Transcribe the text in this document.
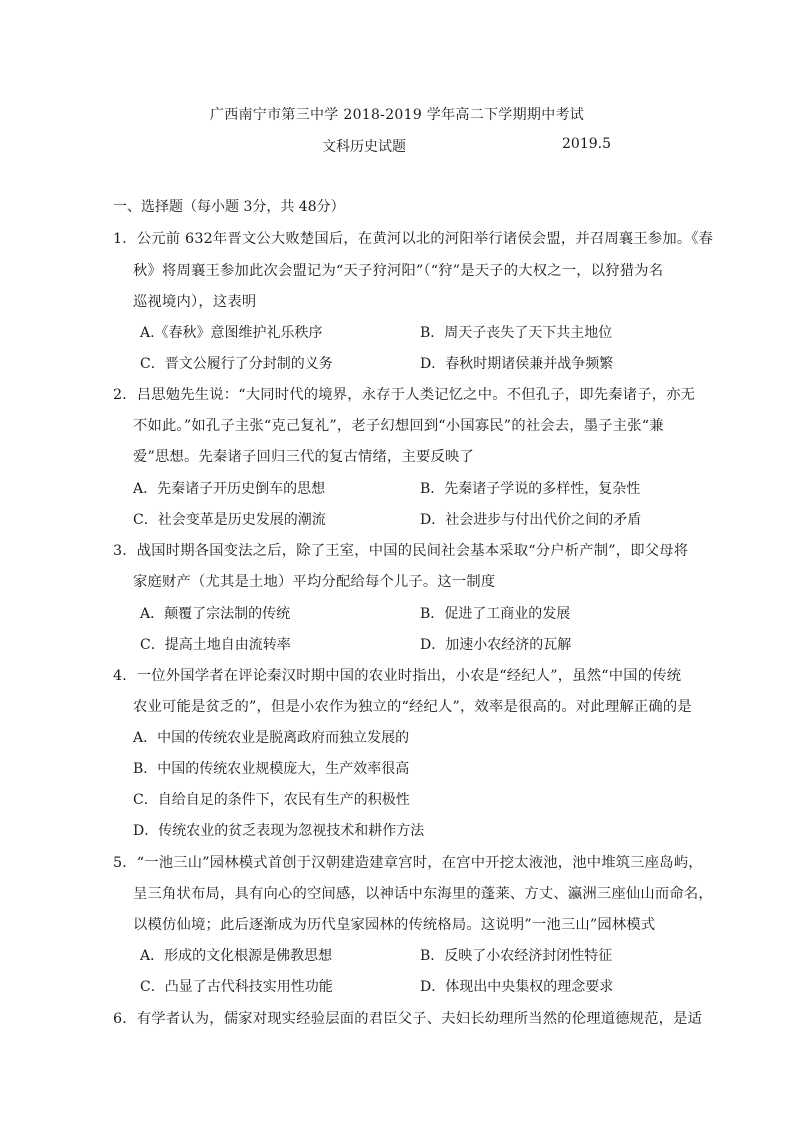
广西南宁市第三中学 2018-2019 学年高二下学期期中考试
文科历史试题	2019.5
一、选择题（每小题 3分，共 48分）
1．公元前 632年晋文公大败楚国后，在黄河以北的河阳举行诸侯会盟，并召周襄王参加。《春
秋》将周襄王参加此次会盟记为“天子狩河阳”（“狩”是天子的大权之一，以狩猎为名
巡视境内），这表明
A.《春秋》意图维护礼乐秩序	B．周天子丧失了天下共主地位
C．晋文公履行了分封制的义务	D．春秋时期诸侯兼并战争频繁
2．吕思勉先生说：“大同时代的境界，永存于人类记忆之中。不但孔子，即先秦诸子，亦无
不如此。”如孔子主张“克己复礼”，老子幻想回到“小国寡民”的社会去，墨子主张“兼
爱”思想。先秦诸子回归三代的复古情绪，主要反映了
A．先秦诸子开历史倒车的思想	B．先秦诸子学说的多样性，复杂性
C．社会变革是历史发展的潮流	D．社会进步与付出代价之间的矛盾
3．战国时期各国变法之后，除了王室，中国的民间社会基本采取“分户析产制”，即父母将
家庭财产（尤其是土地）平均分配给每个儿子。这一制度
A．颠覆了宗法制的传统	B．促进了工商业的发展
C．提高土地自由流转率	D．加速小农经济的瓦解
4．一位外国学者在评论秦汉时期中国的农业时指出，小农是“经纪人”，虽然“中国的传统
农业可能是贫乏的”，但是小农作为独立的“经纪人”，效率是很高的。对此理解正确的是
A．中国的传统农业是脱离政府而独立发展的
B．中国的传统农业规模庞大，生产效率很高
C．自给自足的条件下，农民有生产的积极性
D．传统农业的贫乏表现为忽视技术和耕作方法
5．“一池三山”园林模式首创于汉朝建造建章宫时，在宫中开挖太液池，池中堆筑三座岛屿，
呈三角状布局，具有向心的空间感，以神话中东海里的蓬莱、方丈、瀛洲三座仙山而命名，
以模仿仙境；此后逐渐成为历代皇家园林的传统格局。这说明”一池三山”园林模式
A．形成的文化根源是佛教思想	B．反映了小农经济封闭性特征
C．凸显了古代科技实用性功能	D．体现出中央集权的理念要求
6．有学者认为，儒家对现实经验层面的君臣父子、夫妇长幼理所当然的伦理道德规范，是适
